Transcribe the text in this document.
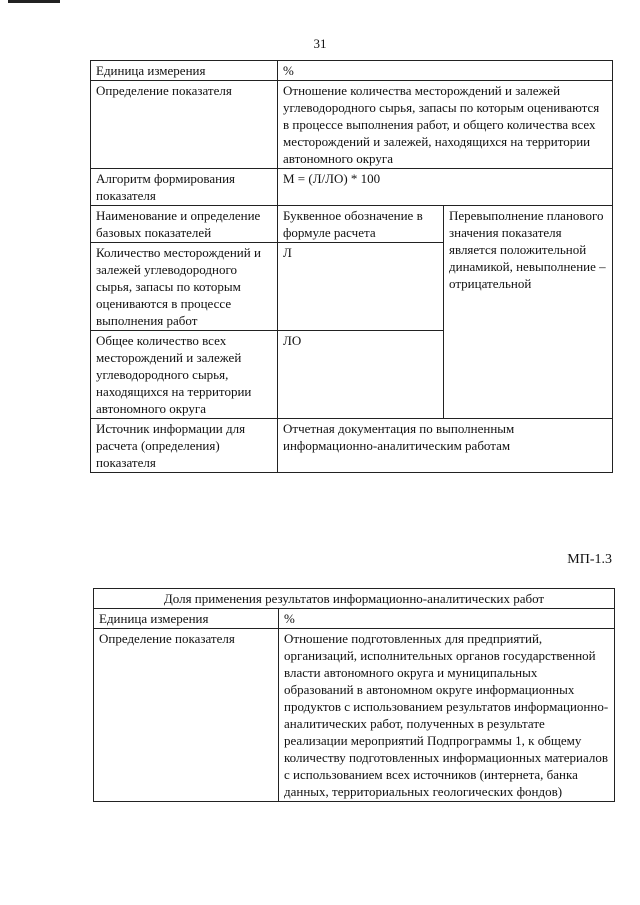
31
Единица измерения	%	
Определение показателя	Отношение количества месторождений и залежей углеводородного сырья, запасы по которым оцениваются в процессе выполнения работ, и общего количества всех месторождений и залежей, находящихся на территории автономного округа	
Алгоритм формирования показателя	М = (Л/ЛО) * 100	
Наименование и определение базовых показателей	Буквенное обозначение в формуле расчета	Перевыполнение планового значения показателя является положительной динамикой, невыполнение – отрицательной
Количество месторождений и залежей углеводородного сырья, запасы по которым оцениваются в процессе выполнения работ	Л	
Общее количество всех месторождений и залежей углеводородного сырья, находящихся на территории автономного округа	ЛО	
Источник информации для расчета (определения) показателя	Отчетная документация по выполненным информационно-аналитическим работам	
МП-1.3
Доля применения результатов информационно-аналитических работ	
Единица измерения	%
Определение показателя	Отношение подготовленных для предприятий, организаций, исполнительных органов государственной власти автономного округа и муниципальных образований в автономном округе информационных продуктов с использованием результатов информационно-аналитических работ, полученных в результате реализации мероприятий Подпрограммы 1, к общему количеству подготовленных информационных материалов с использованием всех источников (интернета, банка данных, территориальных геологических фондов)
